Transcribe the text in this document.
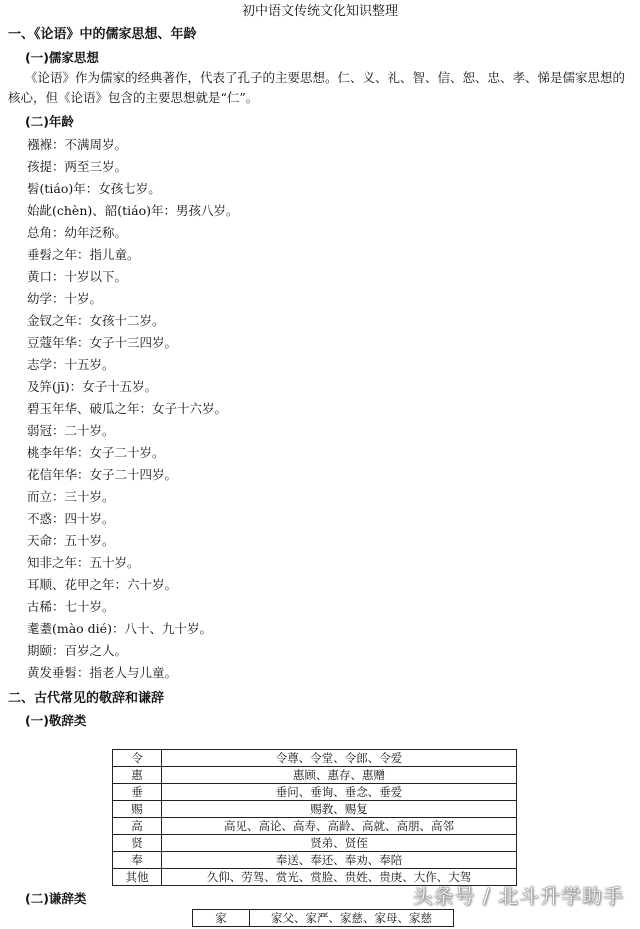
初中语文传统文化知识整理
一、《论语》中的儒家思想、年龄
(一)儒家思想
《论语》作为儒家的经典著作，代表了孔子的主要思想。仁、义、礼、智、信、恕、忠、孝、悌是儒家思想的核心，但《论语》包含的主要思想就是“仁”。
(二)年龄
襁褓：不满周岁。
孩提：两至三岁。
髫(tiáo)年：女孩七岁。
始龀(chèn)、韶(tiáo)年：男孩八岁。
总角：幼年泛称。
垂髫之年：指儿童。
黄口：十岁以下。
幼学：十岁。
金钗之年：女孩十二岁。
豆蔻年华：女子十三四岁。
志学：十五岁。
及笄(jī)：女子十五岁。
碧玉年华、破瓜之年：女子十六岁。
弱冠：二十岁。
桃李年华：女子二十岁。
花信年华：女子二十四岁。
而立：三十岁。
不惑：四十岁。
天命：五十岁。
知非之年：五十岁。
耳顺、花甲之年：六十岁。
古稀：七十岁。
耄耋(mào dié)：八十、九十岁。
期颐：百岁之人。
黄发垂髫：指老人与儿童。
二、古代常见的敬辞和谦辞
(一)敬辞类
令	令尊、令堂、令郎、令爱
惠	惠顾、惠存、惠赠
垂	垂问、垂询、垂念、垂爱
赐	赐教、赐复
高	高见、高论、高寿、高龄、高就、高朋、高邻
贤	贤弟、贤侄
奉	奉送、奉还、奉劝、奉陪
其他	久仰、劳驾、赏光、赏脸、贵姓、贵庚、大作、大驾
(二)谦辞类
家	家父、家严、家慈、家母、家慈
头条号 / 北斗升学助手
